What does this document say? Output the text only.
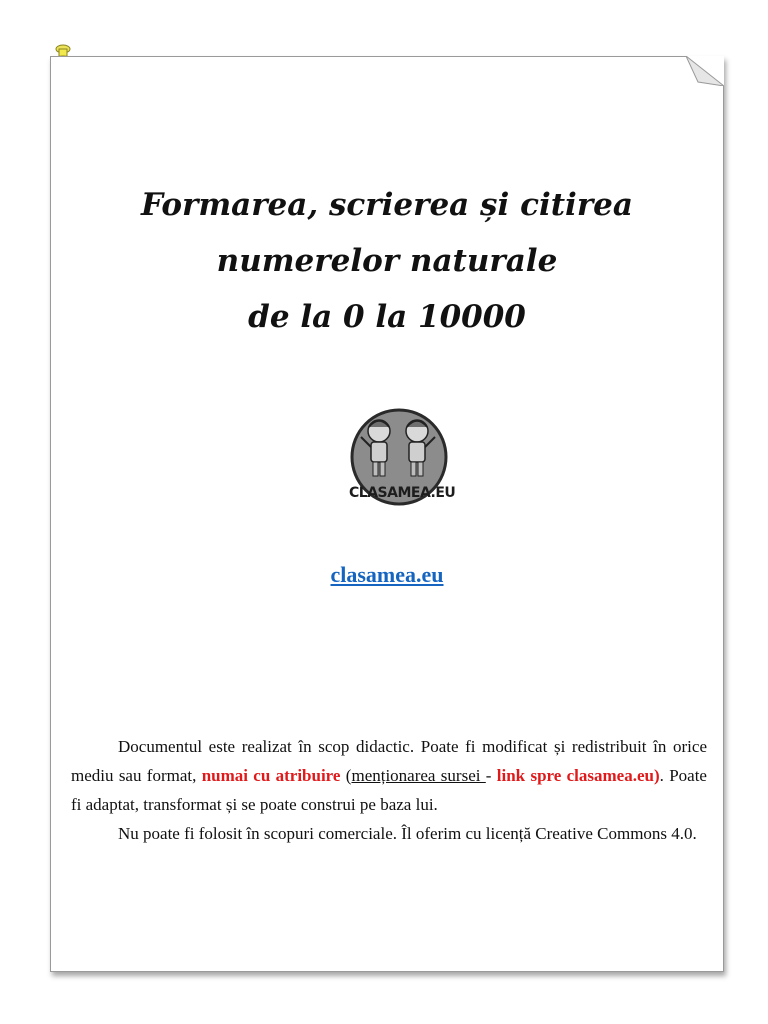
Formarea, scrierea și citirea
numerelor naturale
de la 0 la 10000
CLASAMEA.EU
clasamea.eu

Documentul este realizat în scop didactic. Poate fi modificat și redistribuit în orice mediu sau format, numai cu atribuire (menționarea sursei - link spre clasamea.eu). Poate fi adaptat, transformat și se poate construi pe baza lui.

Nu poate fi folosit în scopuri comerciale. Îl oferim cu licență Creative Commons 4.0.
